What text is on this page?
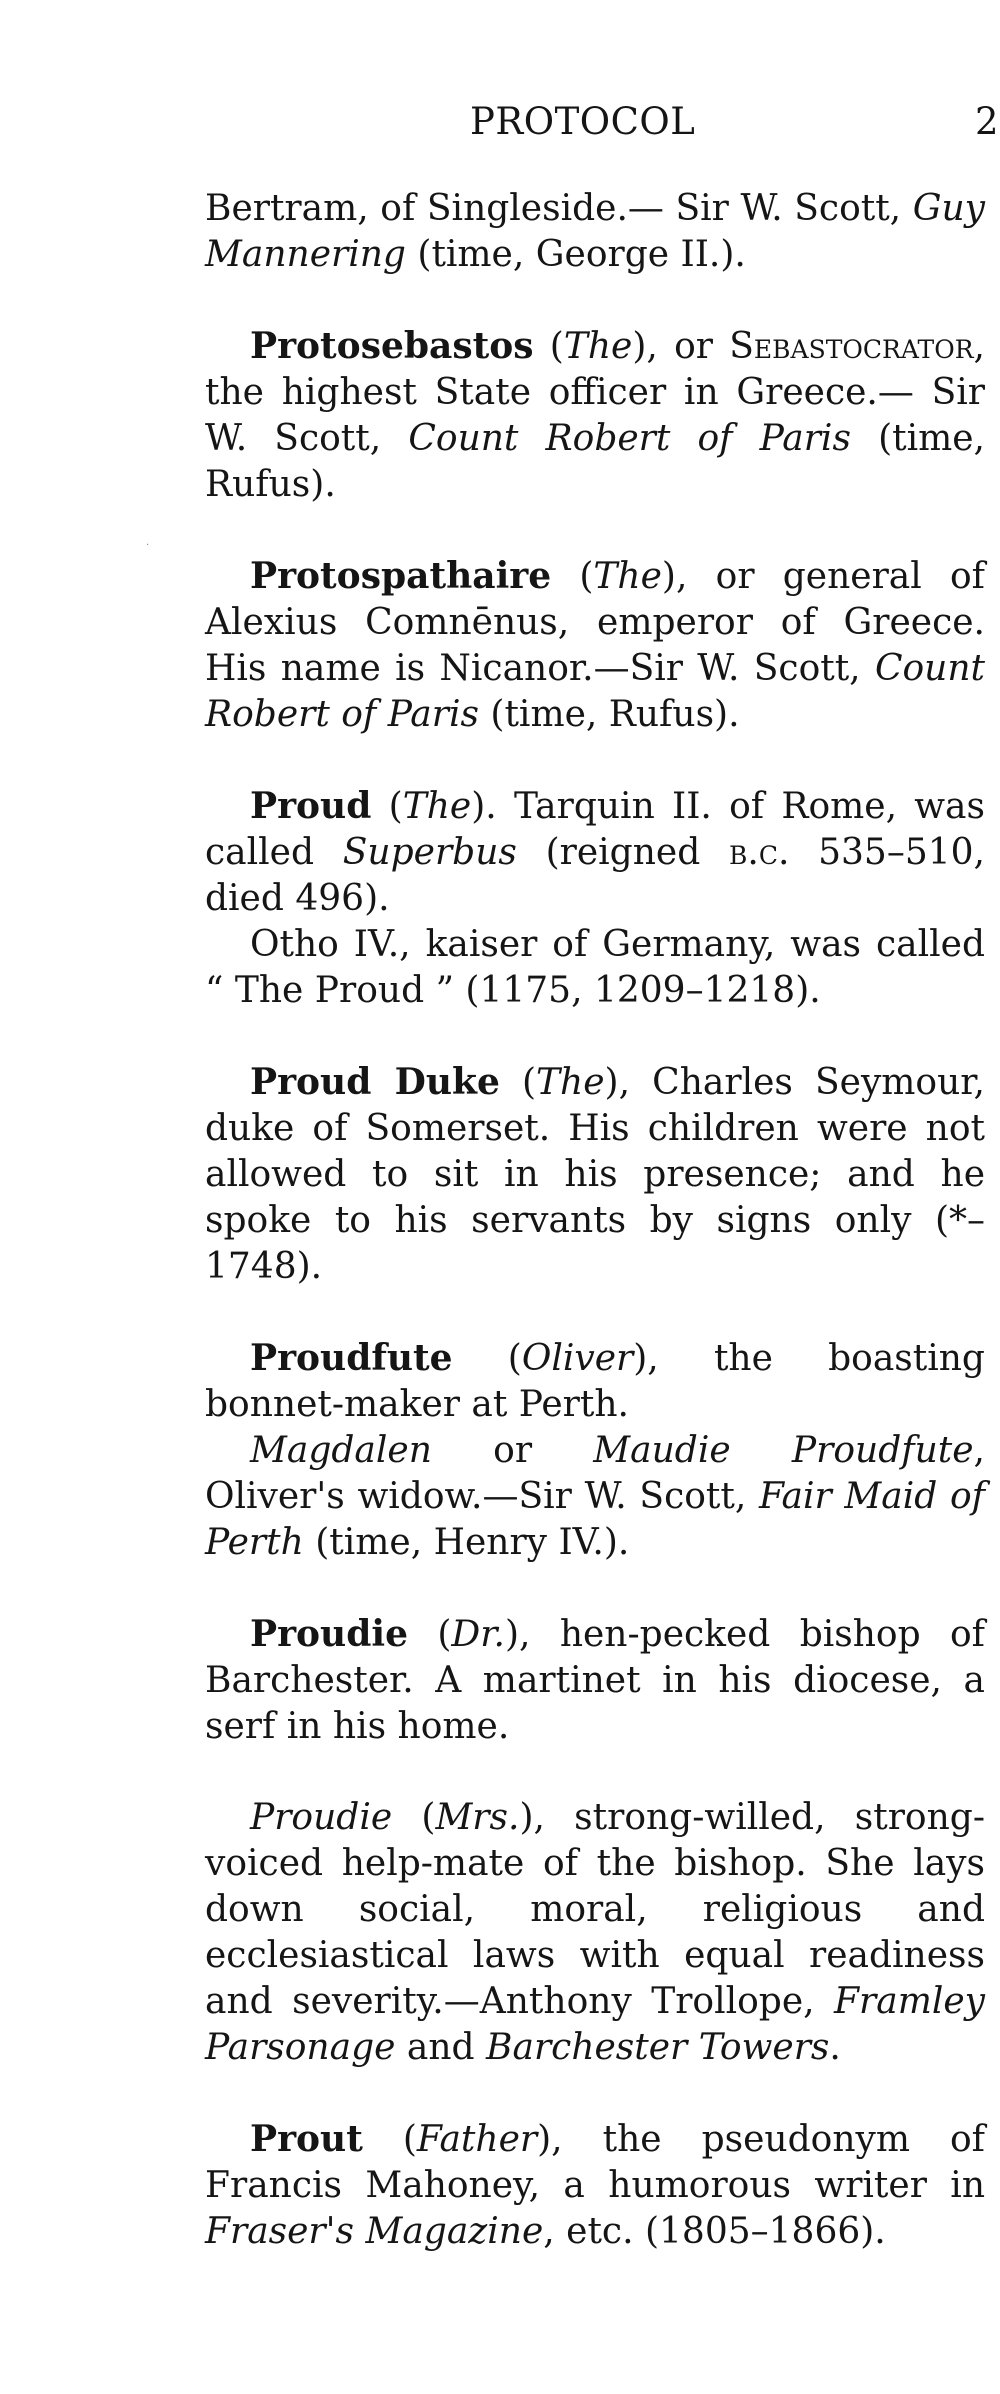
PROTOCOL	2
·

Bertram, of Singleside.— Sir W. Scott, Guy Mannering (time, George II.).

Protosebastos (The), or Sebastocrator, the highest State officer in Greece.— Sir W. Scott, Count Robert of Paris (time, Rufus).

Protospathaire (The), or general of Alexius Comnēnus, emperor of Greece. His name is Nicanor.—Sir W. Scott, Count Robert of Paris (time, Rufus).

Proud (The). Tarquin II. of Rome, was called Superbus (reigned b.c. 535–510, died 496).

Otho IV., kaiser of Germany, was called “ The Proud ” (1175, 1209–1218).

Proud Duke (The), Charles Seymour, duke of Somerset. His children were not allowed to sit in his presence; and he spoke to his servants by signs only (*–1748).

Proudfute (Oliver), the boasting bonnet-maker at Perth.

Magdalen or Maudie Proudfute, Oliver's widow.—Sir W. Scott, Fair Maid of Perth (time, Henry IV.).

Proudie (Dr.), hen-pecked bishop of Barchester. A martinet in his diocese, a serf in his home.

Proudie (Mrs.), strong-willed, strong-voiced help-mate of the bishop. She lays down social, moral, religious and ecclesiastical laws with equal readiness and severity.—Anthony Trollope, Framley Parsonage and Barchester Towers.

Prout (Father), the pseudonym of Francis Mahoney, a humorous writer in Fraser's Magazine, etc. (1805–1866).
